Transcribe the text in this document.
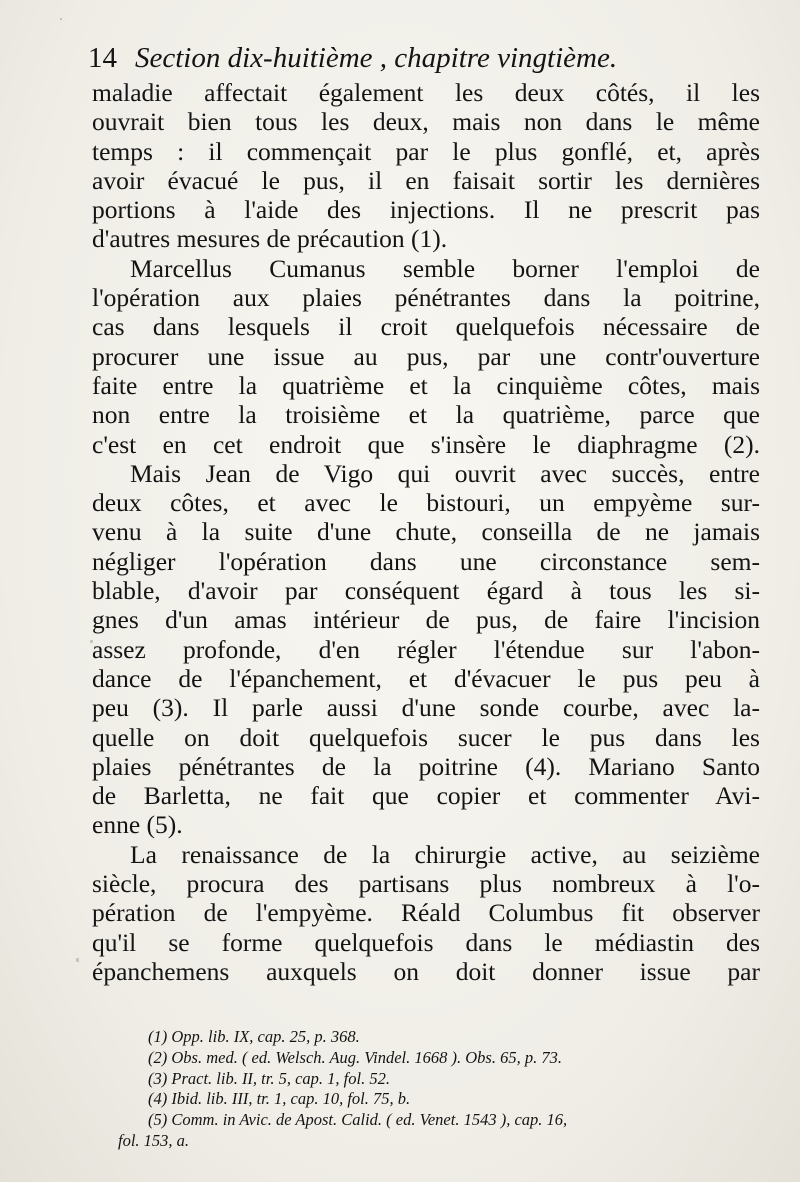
14 Section dix-huitième , chapitre vingtième.
maladie affectait également les deux côtés, il les
ouvrait bien tous les deux, mais non dans le même
temps : il commençait par le plus gonflé, et, après
avoir évacué le pus, il en faisait sortir les dernières
portions à l'aide des injections. Il ne prescrit pas
d'autres mesures de précaution (1).
Marcellus Cumanus semble borner l'emploi de
l'opération aux plaies pénétrantes dans la poitrine,
cas dans lesquels il croit quelquefois nécessaire de
procurer une issue au pus, par une contr'ouverture
faite entre la quatrième et la cinquième côtes, mais
non entre la troisième et la quatrième, parce que
c'est en cet endroit que s'insère le diaphragme (2).
Mais Jean de Vigo qui ouvrit avec succès, entre
deux côtes, et avec le bistouri, un empyème sur-
venu à la suite d'une chute, conseilla de ne jamais
négliger l'opération dans une circonstance sem-
blable, d'avoir par conséquent égard à tous les si-
gnes d'un amas intérieur de pus, de faire l'incision
assez profonde, d'en régler l'étendue sur l'abon-
dance de l'épanchement, et d'évacuer le pus peu à
peu (3). Il parle aussi d'une sonde courbe, avec la-
quelle on doit quelquefois sucer le pus dans les
plaies pénétrantes de la poitrine (4). Mariano Santo
de Barletta, ne fait que copier et commenter Avi-
enne (5).
La renaissance de la chirurgie active, au seizième
siècle, procura des partisans plus nombreux à l'o-
pération de l'empyème. Réald Columbus fit observer
qu'il se forme quelquefois dans le médiastin des
épanchemens auxquels on doit donner issue par
(1) Opp. lib. IX, cap. 25, p. 368.
(2) Obs. med. ( ed. Welsch. Aug. Vindel. 1668 ). Obs. 65, p. 73.
(3) Pract. lib. II, tr. 5, cap. 1, fol. 52.
(4) Ibid. lib. III, tr. 1, cap. 10, fol. 75, b.
(5) Comm. in Avic. de Apost. Calid. ( ed. Venet. 1543 ), cap. 16,
fol. 153, a.
